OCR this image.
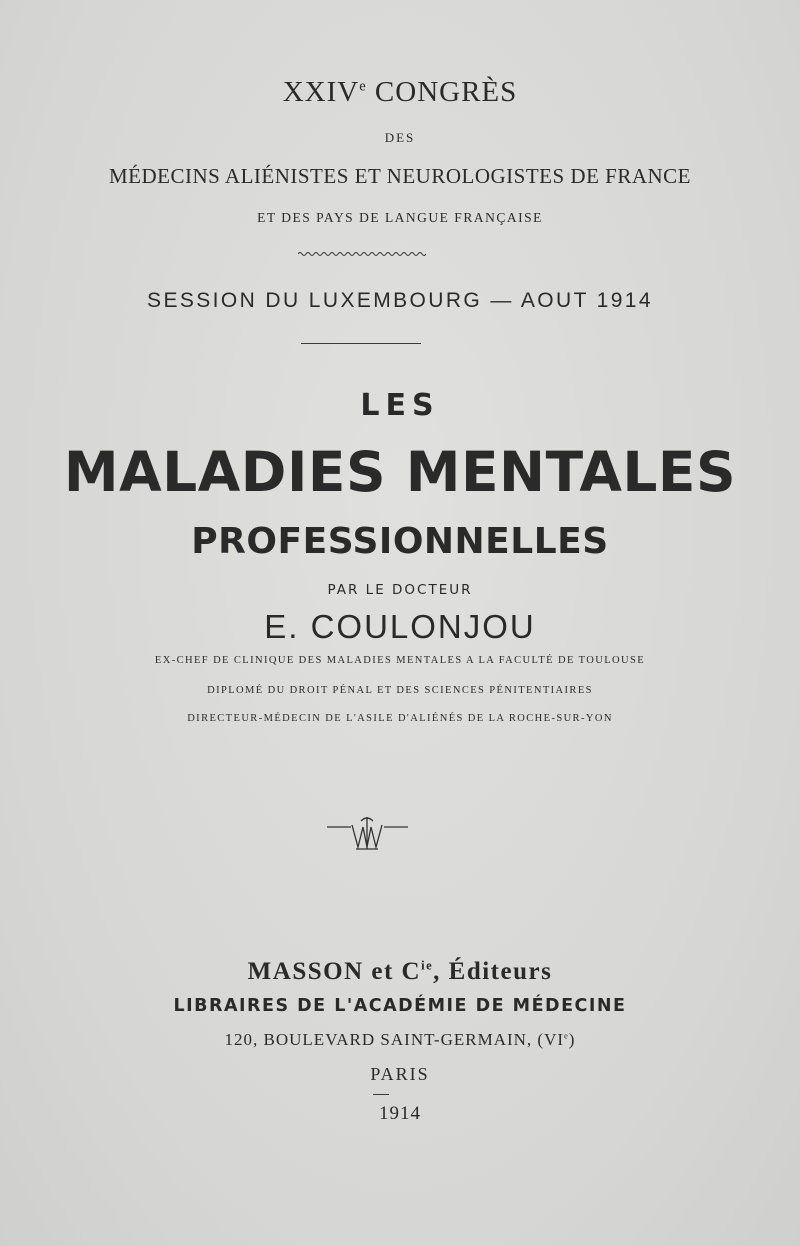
XXIVe CONGRÈS
DES
MÉDECINS ALIÉNISTES ET NEUROLOGISTES DE FRANCE
ET DES PAYS DE LANGUE FRANÇAISE
SESSION DU LUXEMBOURG — AOUT 1914
LES
MALADIES MENTALES
PROFESSIONNELLES
PAR LE DOCTEUR
E. COULONJOU
EX-CHEF DE CLINIQUE DES MALADIES MENTALES A LA FACULTÉ DE TOULOUSE
DIPLOMÉ DU DROIT PÉNAL ET DES SCIENCES PÉNITENTIAIRES
DIRECTEUR-MÉDECIN DE L'ASILE D'ALIÉNÉS DE LA ROCHE-SUR-YON
MASSON et $C^{ie}$, Éditeurs
LIBRAIRES DE L'ACADÉMIE DE MÉDECINE
120, BOULEVARD SAINT-GERMAIN, (VIe)
PARIS
1914
